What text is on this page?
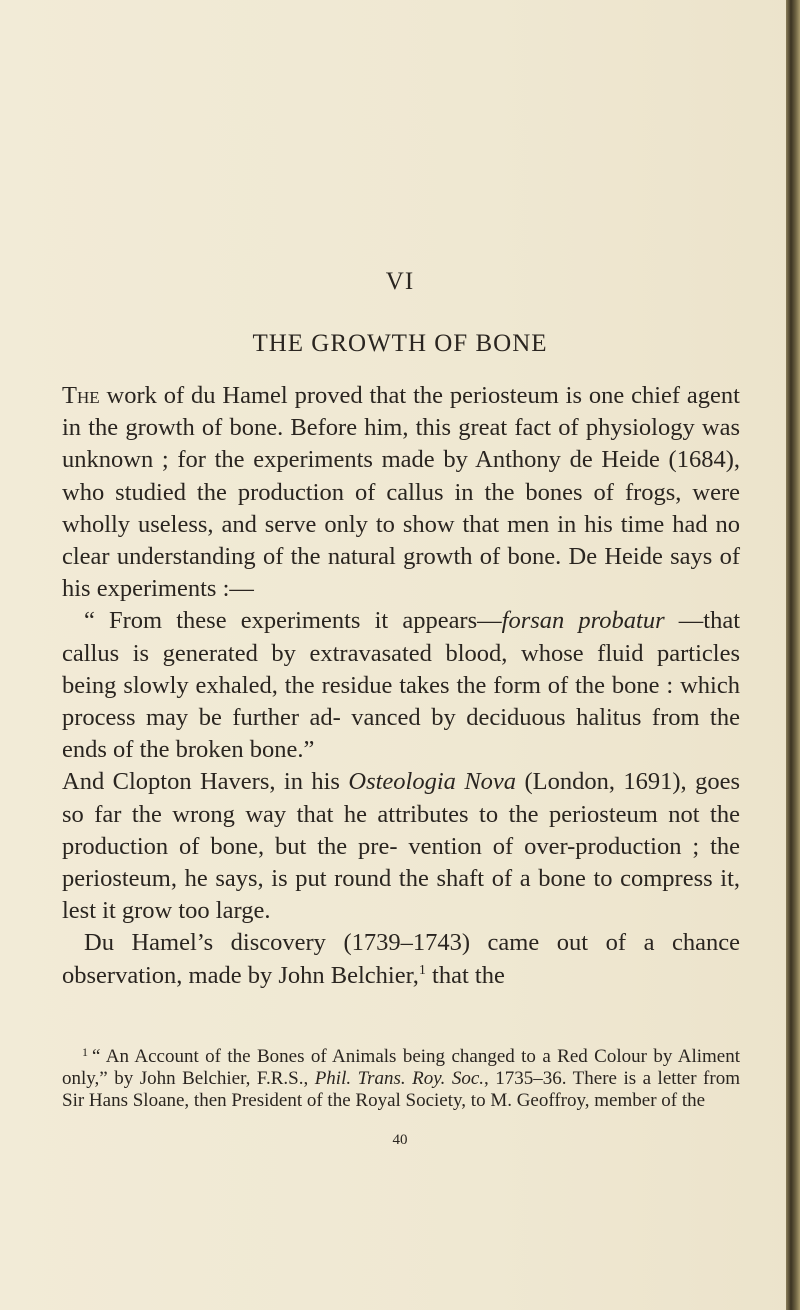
VI
THE GROWTH OF BONE

The work of du Hamel proved that the periosteum is one chief agent in the growth of bone. Before him, this great fact of physiology was unknown ; for the experiments made by Anthony de Heide (1684), who studied the production of callus in the bones of frogs, were wholly useless, and serve only to show that men in his time had no clear understanding of the natural growth of bone. De Heide says of his experiments :—

“ From these experiments it appears—forsan probatur —that callus is generated by extravasated blood, whose fluid particles being slowly exhaled, the residue takes the form of the bone : which process may be further ad- vanced by deciduous halitus from the ends of the broken bone.”

And Clopton Havers, in his Osteologia Nova (London, 1691), goes so far the wrong way that he attributes to the periosteum not the production of bone, but the pre- vention of over-production ; the periosteum, he says, is put round the shaft of a bone to compress it, lest it grow too large.

Du Hamel’s discovery (1739–1743) came out of a chance observation, made by John Belchier,$^1$ that the

$^1$ “ An Account of the Bones of Animals being changed to a Red Colour by Aliment only,” by John Belchier, F.R.S., Phil. Trans. Roy. Soc., 1735–36. There is a letter from Sir Hans Sloane, then President of the Royal Society, to M. Geoffroy, member of the
40
